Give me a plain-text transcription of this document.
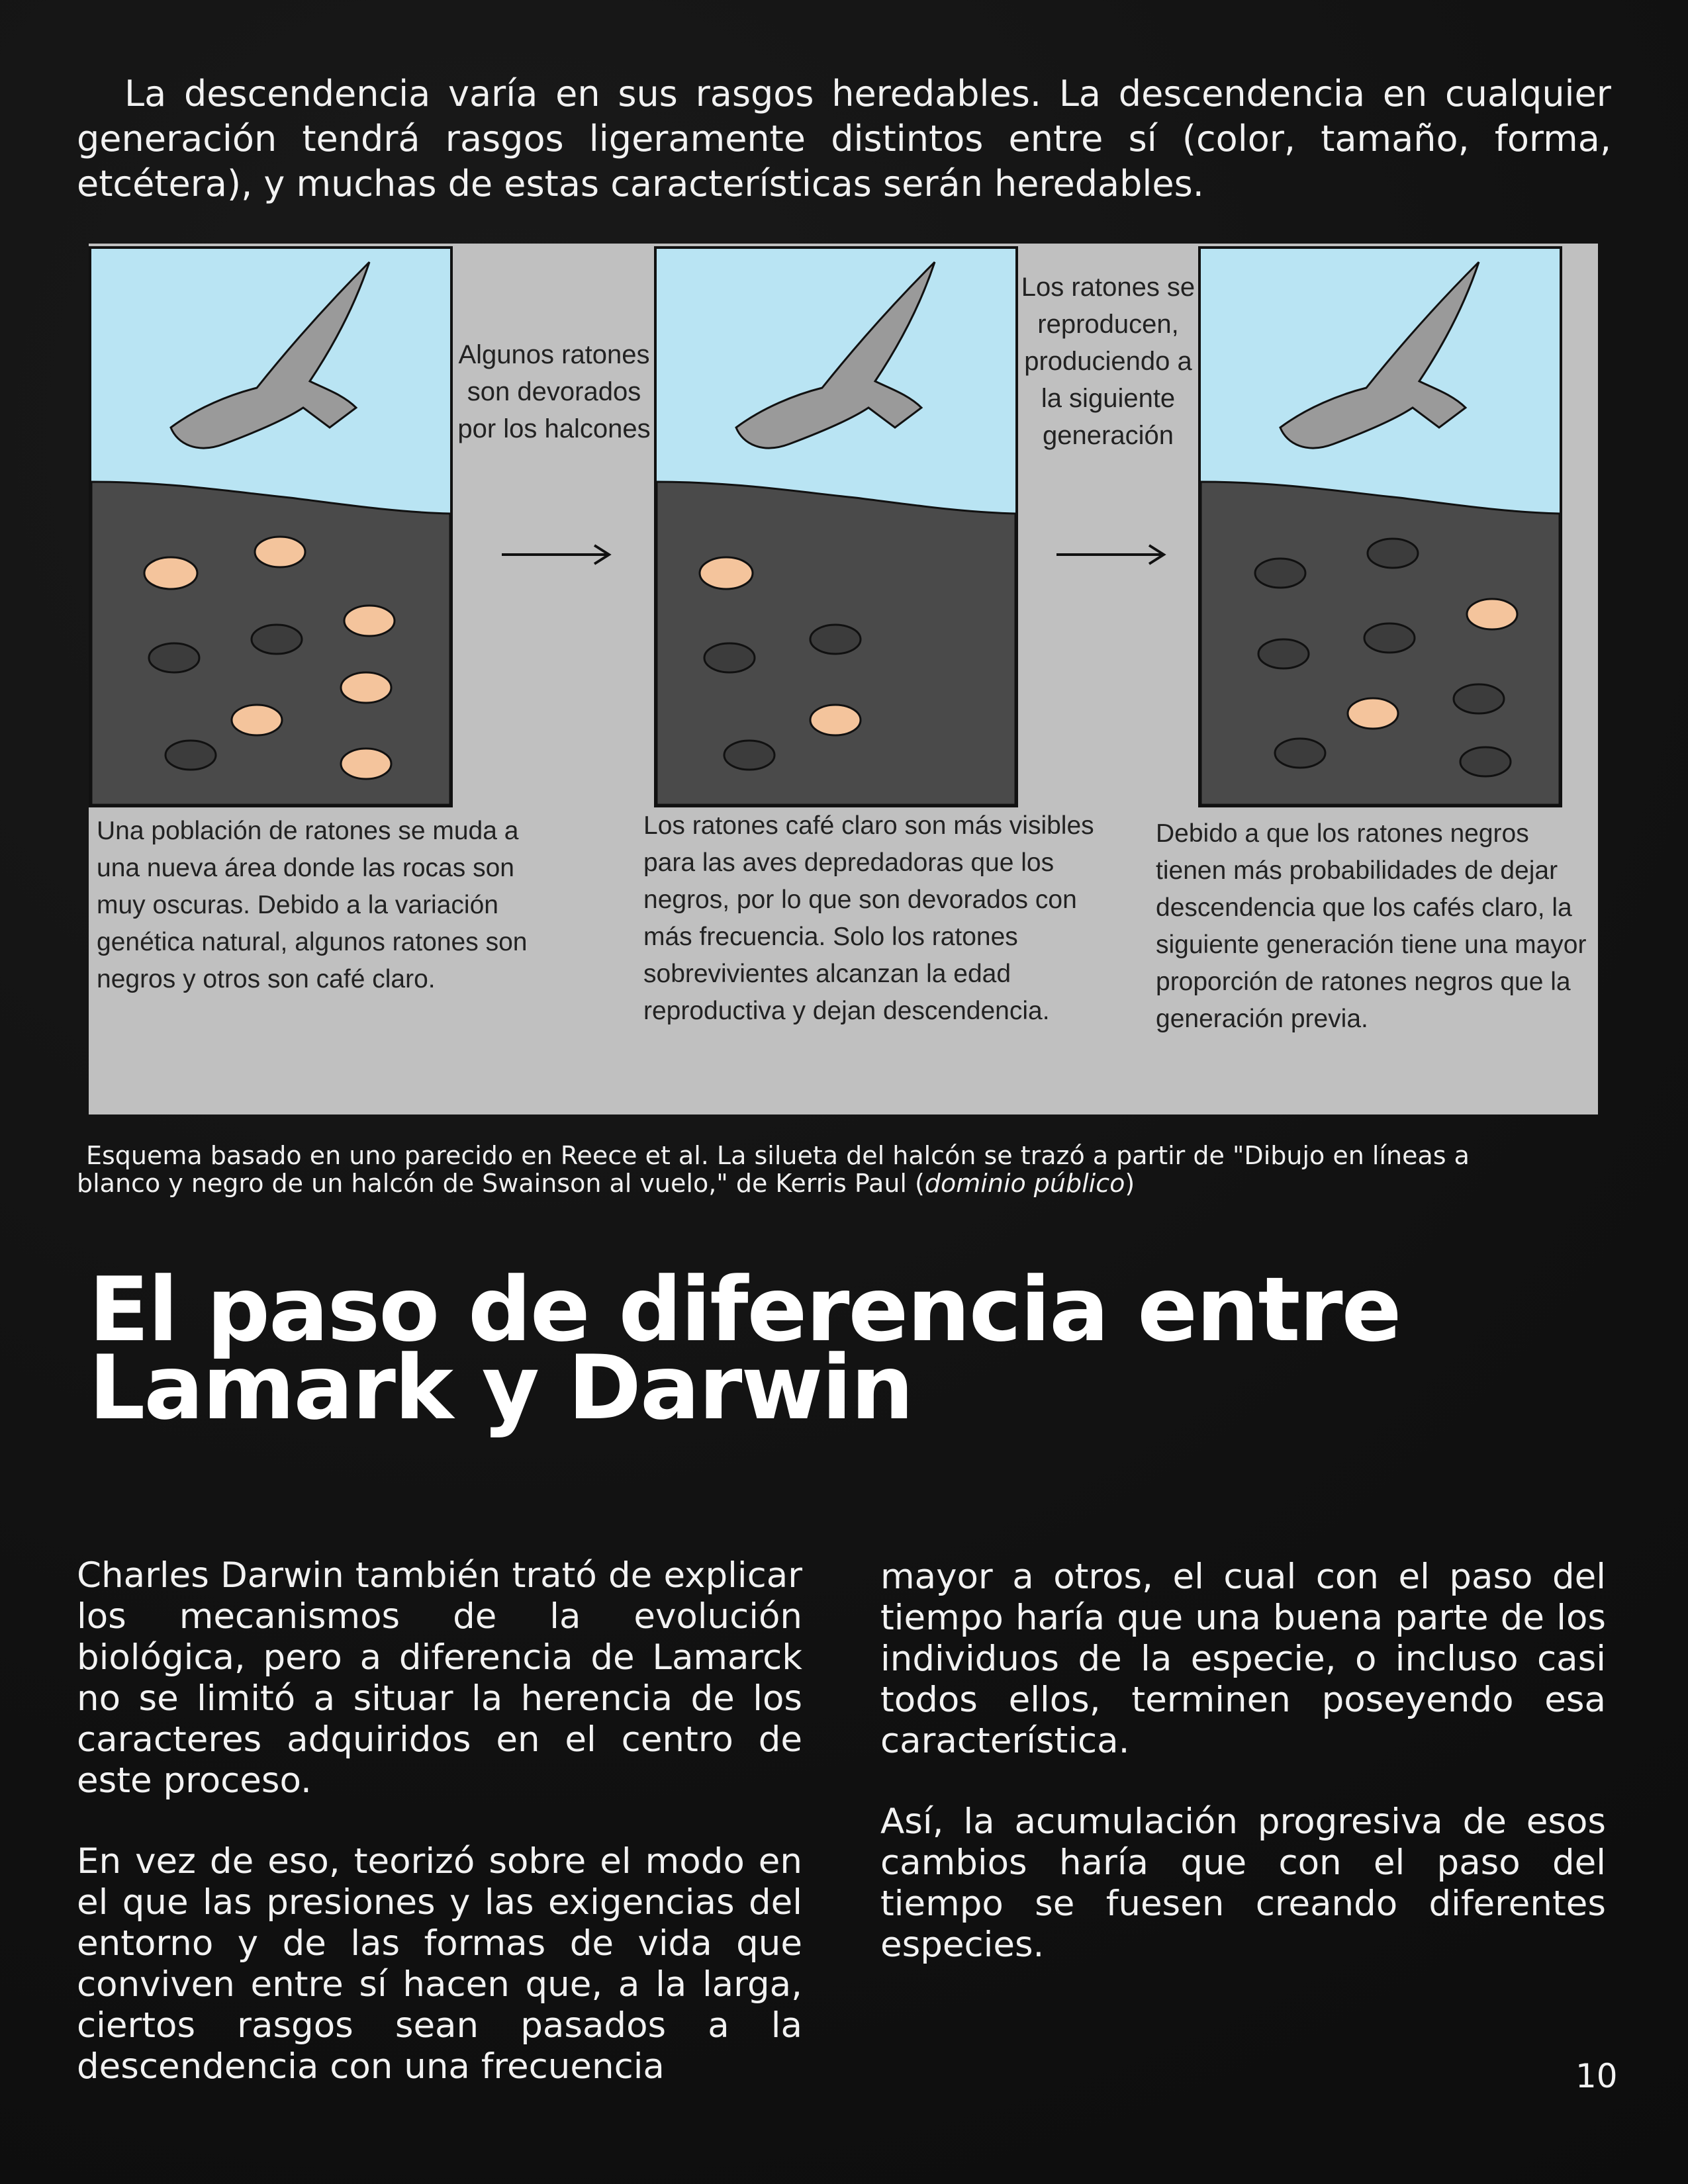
La descendencia varía en sus rasgos heredables. La descendencia en cualquier generación tendrá rasgos ligeramente distintos entre sí (color, tamaño, forma, etcétera), y muchas de estas características serán heredables.
Algunos ratones son devorados por los halcones
Los ratones se reproducen, produciendo a la siguiente generación
Una población de ratones se muda a una nueva área donde las rocas son muy oscuras. Debido a la variación genética natural, algunos ratones son negros y otros son café claro.
Los ratones café claro son más visibles para las aves depredadoras que los negros, por lo que son devorados con más frecuencia. Solo los ratones sobrevivientes alcanzan la edad reproductiva y dejan descendencia.
Debido a que los ratones negros tienen más probabilidades de dejar descendencia que los cafés claro, la siguiente generación tiene una mayor proporción de ratones negros que la generación previa.
Esquema basado en uno parecido en Reece et al. La silueta del halcón se trazó a partir de "Dibujo en líneas a
blanco y negro de un halcón de Swainson al vuelo," de Kerris Paul (dominio público)
El paso de diferencia entre Lamark y Darwin

Charles Darwin también trató de explicar los mecanismos de la evolución biológica, pero a diferencia de Lamarck no se limitó a situar la herencia de los caracteres adquiridos en el centro de este proceso.

En vez de eso, teorizó sobre el modo en el que las presiones y las exigencias del entorno y de las formas de vida que conviven entre sí hacen que, a la larga, ciertos rasgos sean pasados a la descendencia con una frecuencia

mayor a otros, el cual con el paso del tiempo haría que una buena parte de los individuos de la especie, o incluso casi todos ellos, terminen poseyendo esa característica.

Así, la acumulación progresiva de esos cambios haría que con el paso del tiempo se fuesen creando diferentes especies.

10
